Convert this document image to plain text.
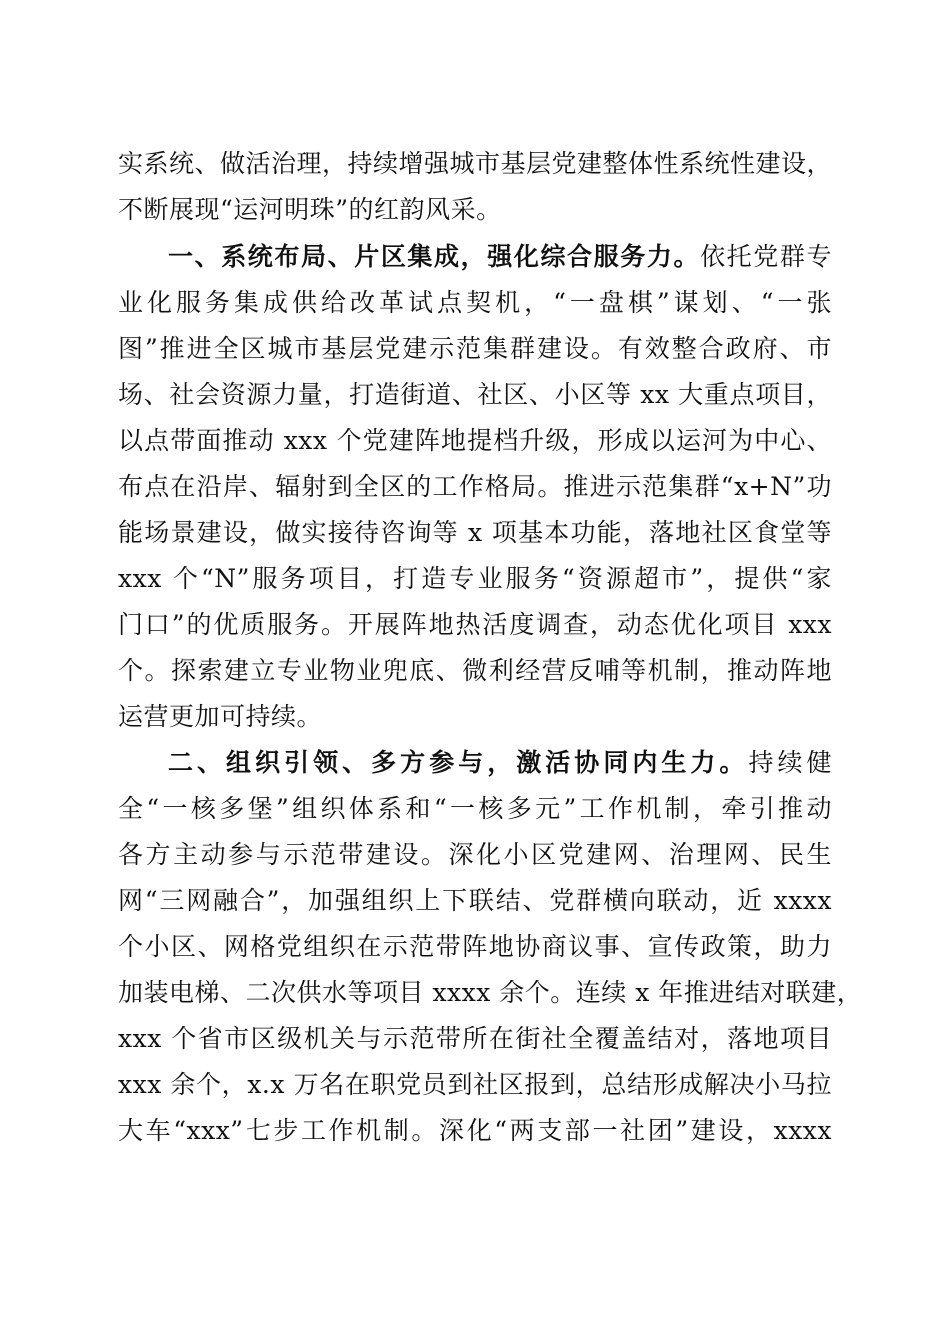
实系统、做活治理，持续增强城市基层党建整体性系统性建设，
不断展现“运河明珠”的红韵风采。
一、系统布局、片区集成，强化综合服务力。依托党群专
业化服务集成供给改革试点契机，“一盘棋”谋划、“一张
图”推进全区城市基层党建示范集群建设。有效整合政府、市
场、社会资源力量，打造街道、社区、小区等 xx 大重点项目，
以点带面推动 xxx 个党建阵地提档升级，形成以运河为中心、
布点在沿岸、辐射到全区的工作格局。推进示范集群“x+N”功
能场景建设，做实接待咨询等 x 项基本功能，落地社区食堂等
xxx 个“N”服务项目，打造专业服务“资源超市”，提供“家
门口”的优质服务。开展阵地热活度调查，动态优化项目 xxx
个。探索建立专业物业兜底、微利经营反哺等机制，推动阵地
运营更加可持续。
二、组织引领、多方参与，激活协同内生力。持续健
全“一核多堡”组织体系和“一核多元”工作机制，牵引推动
各方主动参与示范带建设。深化小区党建网、治理网、民生
网“三网融合”，加强组织上下联结、党群横向联动，近 xxxx
个小区、网格党组织在示范带阵地协商议事、宣传政策，助力
加装电梯、二次供水等项目 xxxx 余个。连续 x 年推进结对联建，
xxx 个省市区级机关与示范带所在街社全覆盖结对，落地项目
xxx 余个，x.x 万名在职党员到社区报到，总结形成解决小马拉
大车“xxx”七步工作机制。深化“两支部一社团”建设，xxxx
